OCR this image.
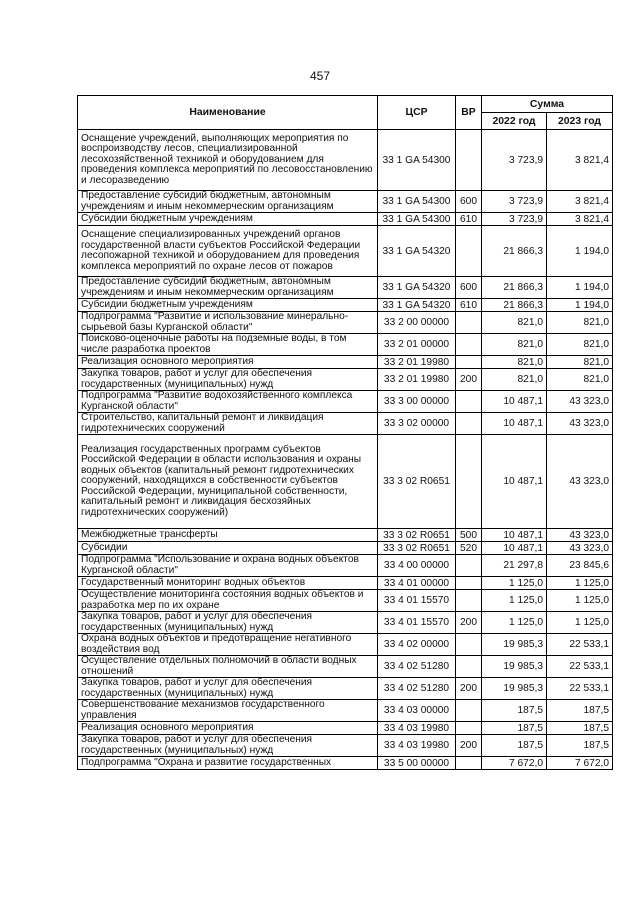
457
Наименование	ЦСР	ВР	Сумма	
			2022 год	2023 год
Оснащение учреждений, выполняющих мероприятия по воспроизводству лесов, специализированной лесохозяйственной техникой и оборудованием для проведения комплекса мероприятий по лесовосстановлению и лесоразведению	33 1 GA 54300		3 723,9	3 821,4
Предоставление субсидий бюджетным, автономным учреждениям и иным некоммерческим организациям	33 1 GA 54300	600	3 723,9	3 821,4
Субсидии бюджетным учреждениям	33 1 GA 54300	610	3 723,9	3 821,4
Оснащение специализированных учреждений органов государственной власти субъектов Российской Федерации лесопожарной техникой и оборудованием для проведения комплекса мероприятий по охране лесов от пожаров	33 1 GA 54320		21 866,3	1 194,0
Предоставление субсидий бюджетным, автономным учреждениям и иным некоммерческим организациям	33 1 GA 54320	600	21 866,3	1 194,0
Субсидии бюджетным учреждениям	33 1 GA 54320	610	21 866,3	1 194,0
Подпрограмма "Развитие и использование минерально-сырьевой базы Курганской области"	33 2 00 00000		821,0	821,0
Поисково-оценочные работы на подземные воды, в том числе разработка проектов	33 2 01 00000		821,0	821,0
Реализация основного мероприятия	33 2 01 19980		821,0	821,0
Закупка товаров, работ и услуг для обеспечения государственных (муниципальных) нужд	33 2 01 19980	200	821,0	821,0
Подпрограмма "Развитие водохозяйственного комплекса Курганской области"	33 3 00 00000		10 487,1	43 323,0
Строительство, капитальный ремонт и ликвидация гидротехнических сооружений	33 3 02 00000		10 487,1	43 323,0
Реализация государственных программ субъектов Российской Федерации в области использования и охраны водных объектов (капитальный ремонт гидротехнических сооружений, находящихся в собственности субъектов Российской Федерации, муниципальной собственности, капитальный ремонт и ликвидация бесхозяйных гидротехнических сооружений)	33 3 02 R0651		10 487,1	43 323,0
Межбюджетные трансферты	33 3 02 R0651	500	10 487,1	43 323,0
Субсидии	33 3 02 R0651	520	10 487,1	43 323,0
Подпрограмма "Использование и охрана водных объектов Курганской области"	33 4 00 00000		21 297,8	23 845,6
Государственный мониторинг водных объектов	33 4 01 00000		1 125,0	1 125,0
Осуществление мониторинга состояния водных объектов и разработка мер по их охране	33 4 01 15570		1 125,0	1 125,0
Закупка товаров, работ и услуг для обеспечения государственных (муниципальных) нужд	33 4 01 15570	200	1 125,0	1 125,0
Охрана водных объектов и предотвращение негативного воздействия вод	33 4 02 00000		19 985,3	22 533,1
Осуществление отдельных полномочий в области водных отношений	33 4 02 51280		19 985,3	22 533,1
Закупка товаров, работ и услуг для обеспечения государственных (муниципальных) нужд	33 4 02 51280	200	19 985,3	22 533,1
Совершенствование механизмов государственного управления	33 4 03 00000		187,5	187,5
Реализация основного мероприятия	33 4 03 19980		187,5	187,5
Закупка товаров, работ и услуг для обеспечения государственных (муниципальных) нужд	33 4 03 19980	200	187,5	187,5
Подпрограмма "Охрана и развитие государственных	33 5 00 00000		7 672,0	7 672,0
